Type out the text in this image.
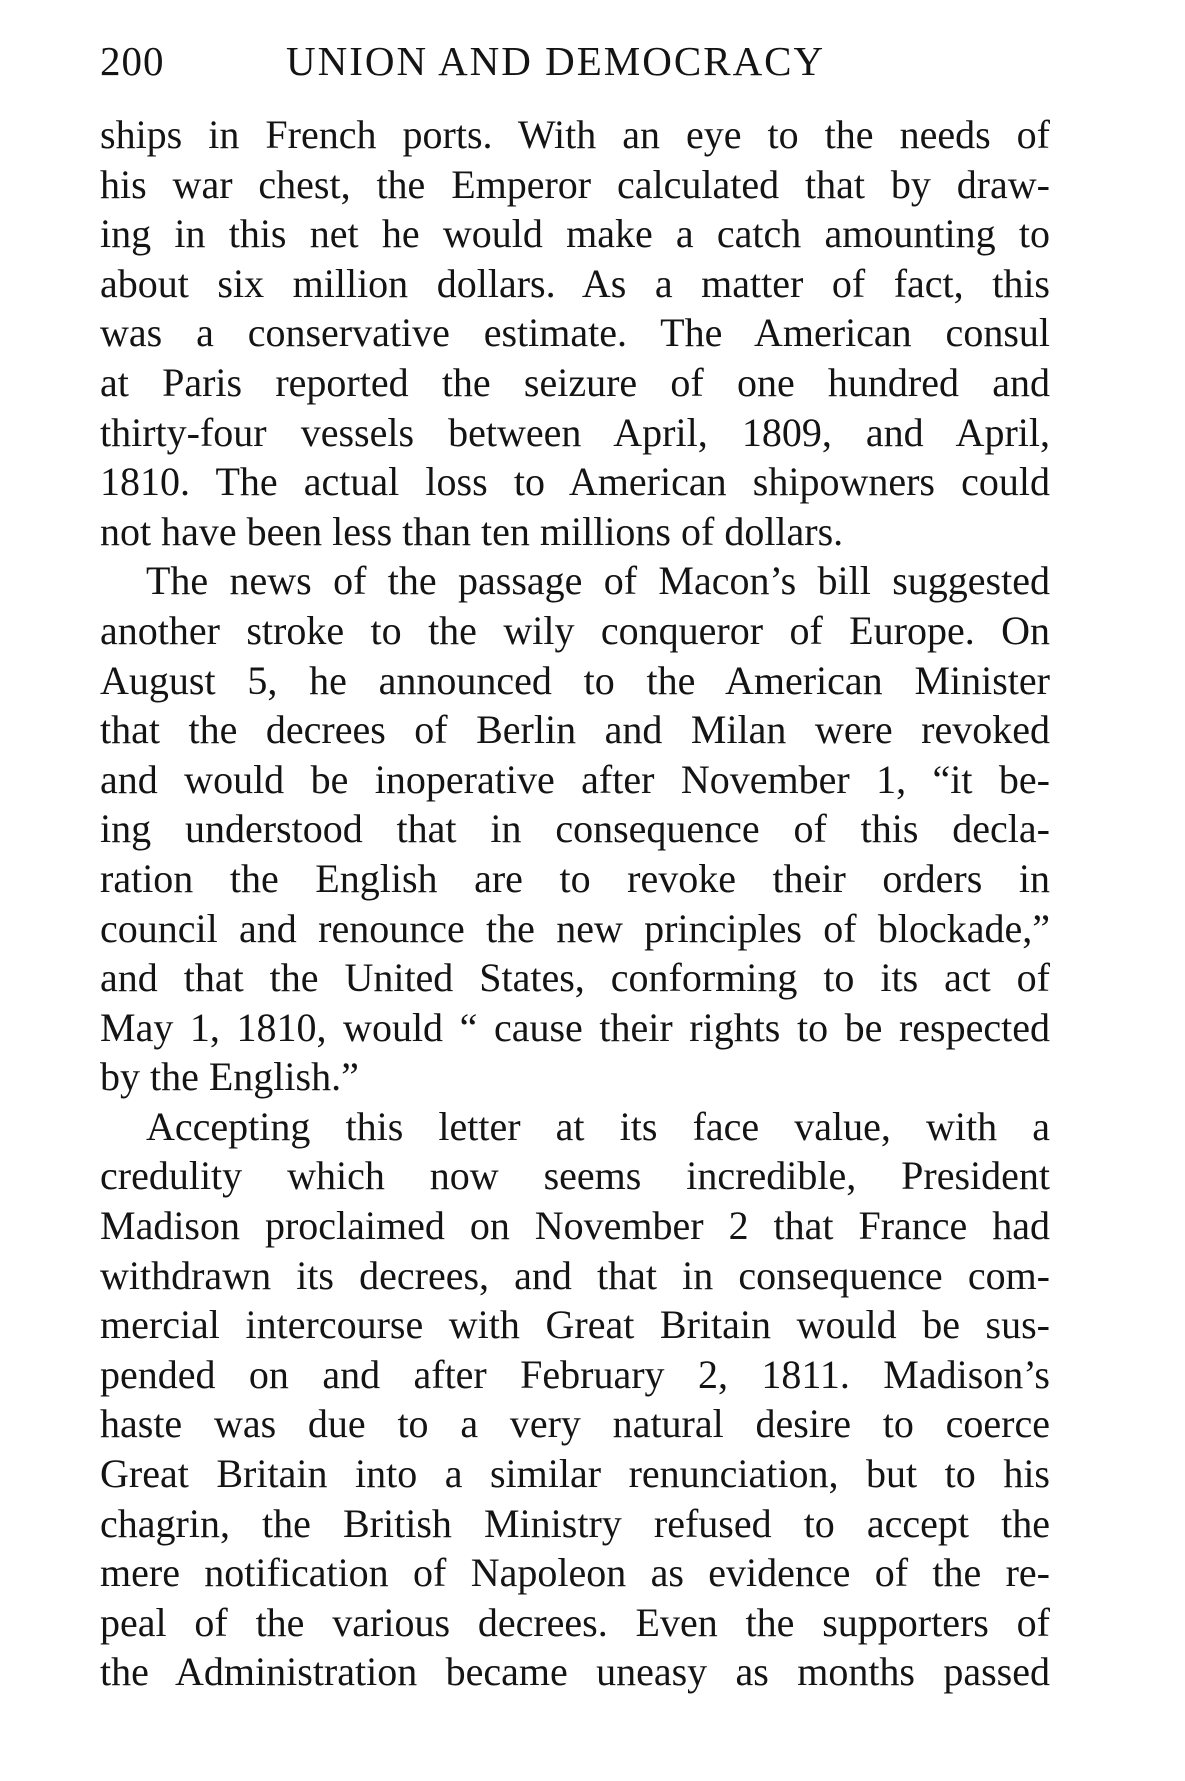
200	UNION AND DEMOCRACY

ships in French ports. With an eye to the needs of
his war chest, the Emperor calculated that by draw-
ing in this net he would make a catch amounting to
about six million dollars. As a matter of fact, this
was a conservative estimate. The American consul
at Paris reported the seizure of one hundred and
thirty-four vessels between April, 1809, and April,
1810. The actual loss to American shipowners could
not have been less than ten millions of dollars.

The news of the passage of Macon’s bill suggested
another stroke to the wily conqueror of Europe. On
August 5, he announced to the American Minister
that the decrees of Berlin and Milan were revoked
and would be inoperative after November 1, “it be-
ing understood that in consequence of this decla-
ration the English are to revoke their orders in
council and renounce the new principles of blockade,”
and that the United States, conforming to its act of
May 1, 1810, would “ cause their rights to be respected
by the English.”

Accepting this letter at its face value, with a
credulity which now seems incredible, President
Madison proclaimed on November 2 that France had
withdrawn its decrees, and that in consequence com-
mercial intercourse with Great Britain would be sus-
pended on and after February 2, 1811. Madison’s
haste was due to a very natural desire to coerce
Great Britain into a similar renunciation, but to his
chagrin, the British Ministry refused to accept the
mere notification of Napoleon as evidence of the re-
peal of the various decrees. Even the supporters of
the Administration became uneasy as months passed
